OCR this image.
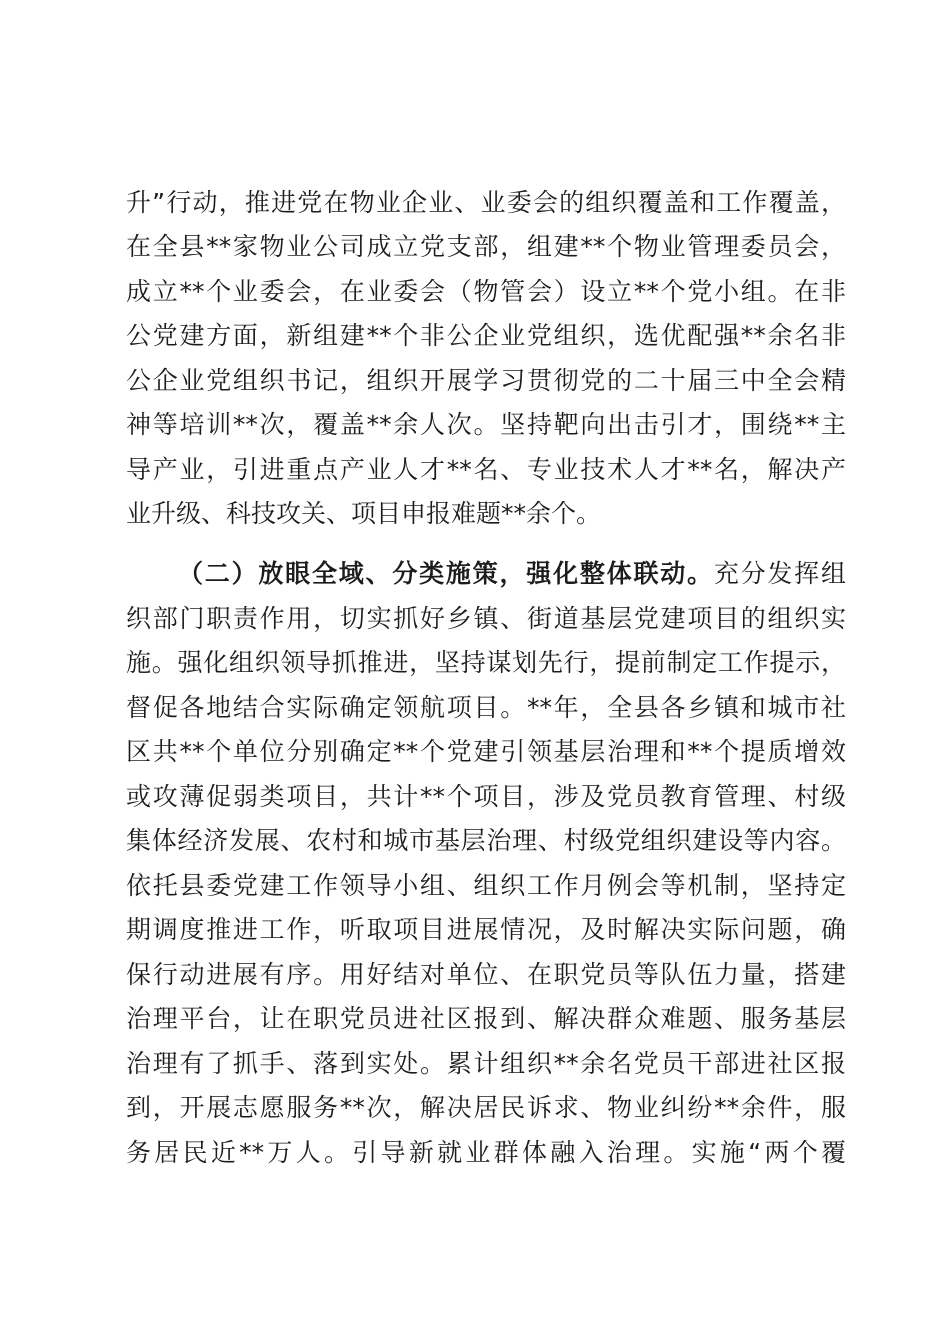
升”行动，推进党在物业企业、业委会的组织覆盖和工作覆盖，
在全县**家物业公司成立党支部，组建**个物业管理委员会，
成立**个业委会，在业委会（物管会）设立**个党小组。在非
公党建方面，新组建**个非公企业党组织，选优配强**余名非
公企业党组织书记，组织开展学习贯彻党的二十届三中全会精
神等培训**次，覆盖**余人次。坚持靶向出击引才，围绕**主
导产业，引进重点产业人才**名、专业技术人才**名，解决产
业升级、科技攻关、项目申报难题**余个。
（二）放眼全域、分类施策，强化整体联动。充分发挥组
织部门职责作用，切实抓好乡镇、街道基层党建项目的组织实
施。强化组织领导抓推进，坚持谋划先行，提前制定工作提示，
督促各地结合实际确定领航项目。**年，全县各乡镇和城市社
区共**个单位分别确定**个党建引领基层治理和**个提质增效
或攻薄促弱类项目，共计**个项目，涉及党员教育管理、村级
集体经济发展、农村和城市基层治理、村级党组织建设等内容。
依托县委党建工作领导小组、组织工作月例会等机制，坚持定
期调度推进工作，听取项目进展情况，及时解决实际问题，确
保行动进展有序。用好结对单位、在职党员等队伍力量，搭建
治理平台，让在职党员进社区报到、解决群众难题、服务基层
治理有了抓手、落到实处。累计组织**余名党员干部进社区报
到，开展志愿服务**次，解决居民诉求、物业纠纷**余件，服
务居民近**万人。引导新就业群体融入治理。实施“两个覆
